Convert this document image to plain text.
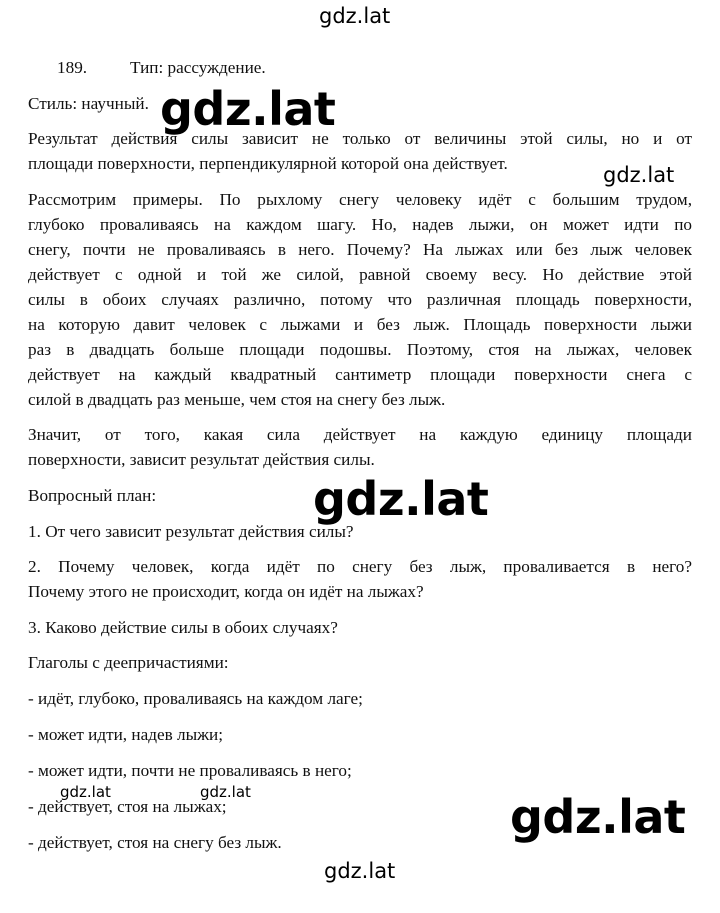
gdz.lat
189. Тип: рассуждение.
Стиль: научный. gdz.lat
Результат действия силы зависит не только от величины этой силы, но и от
площади поверхности, перпендикулярной которой она действует.	gdz.lat
Рассмотрим примеры. По рыхлому снегу человеку идёт с большим трудом,
глубоко проваливаясь на каждом шагу. Но, надев лыжи, он может идти по
снегу, почти не проваливаясь в него. Почему? На лыжах или без лыж человек
действует с одной и той же силой, равной своему весу. Но действие этой
силы в обоих случаях различно, потому что различная площадь поверхности,
на которую давит человек с лыжами и без лыж. Площадь поверхности лыжи
раз в двадцать больше площади подошвы. Поэтому, стоя на лыжах, человек
действует на каждый квадратный сантиметр площади поверхности снега с
силой в двадцать раз меньше, чем стоя на снегу без лыж.
Значит, от того, какая сила действует на каждую единицу площади
поверхности, зависит результат действия силы.
Вопросный план:	gdz.lat
1. От чего зависит результат действия силы?
2. Почему человек, когда идёт по снегу без лыж, проваливается в него?
Почему этого не происходит, когда он идёт на лыжах?
3. Каково действие силы в обоих случаях?
Глаголы с деепричастиями:
- идёт, глубоко, проваливаясь на каждом лаге;
- может идти, надев лыжи;
- может идти, почти не проваливаясь в него;
gdz.lat	gdz.lat
- действует, стоя на лыжах;	gdz.lat
- действует, стоя на снегу без лыж.
gdz.lat
